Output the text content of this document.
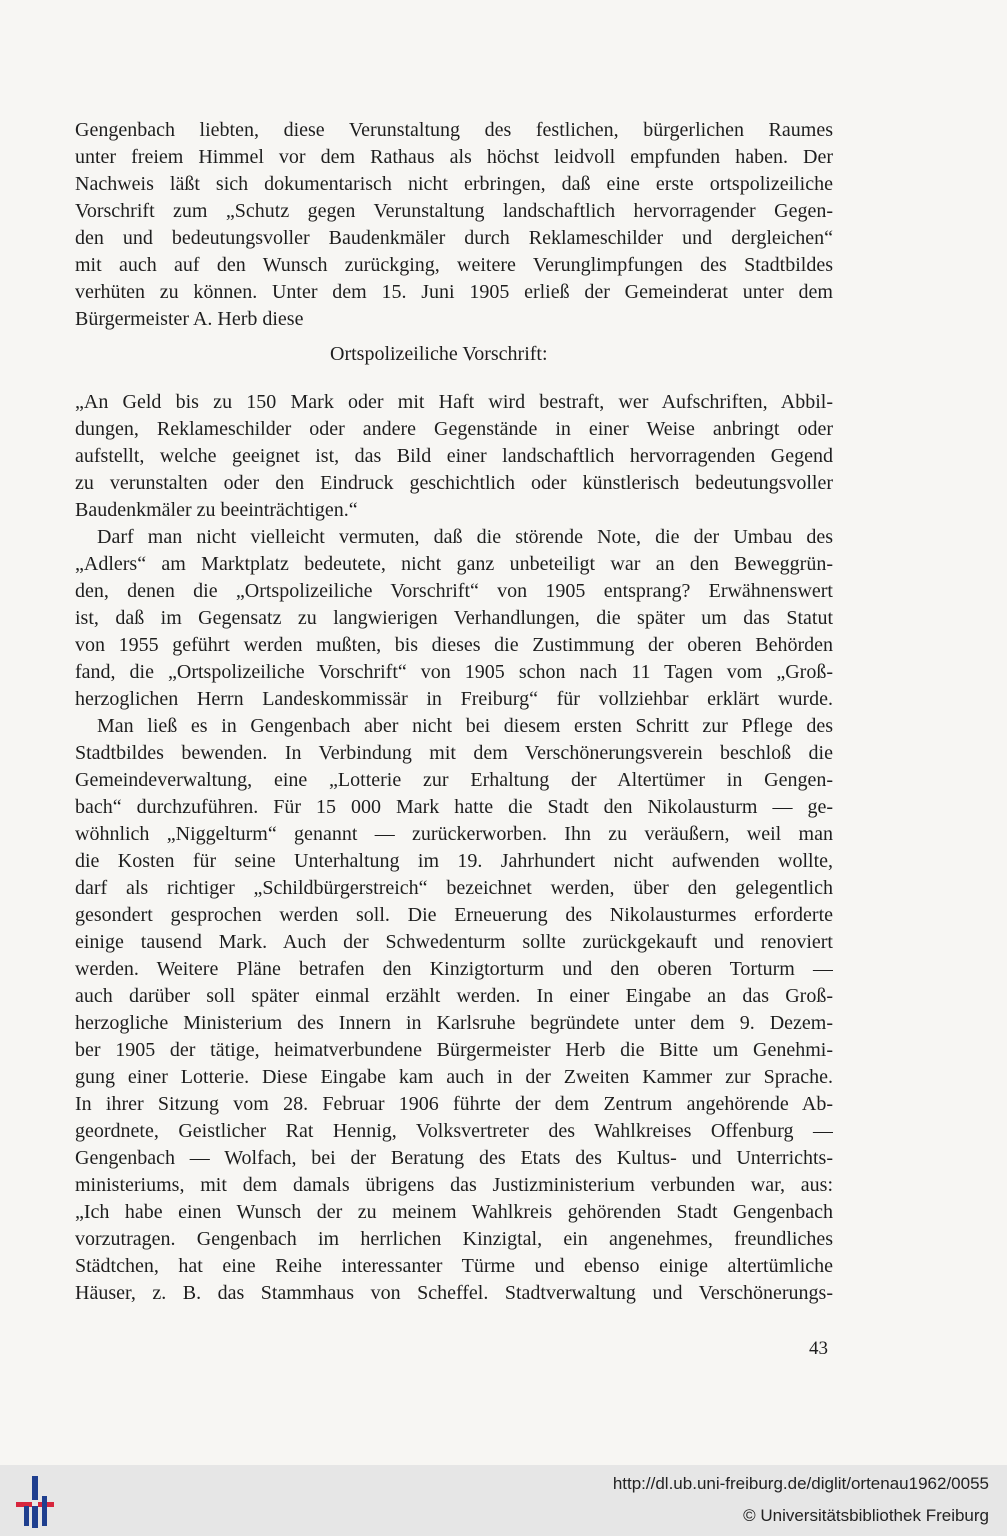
Gengenbach liebten, diese Verunstaltung des festlichen, bürgerlichen Raumes
unter freiem Himmel vor dem Rathaus als höchst leidvoll empfunden haben. Der
Nachweis läßt sich dokumentarisch nicht erbringen, daß eine erste ortspolizeiliche
Vorschrift zum „Schutz gegen Verunstaltung landschaftlich hervorragender Gegen-
den und bedeutungsvoller Baudenkmäler durch Reklameschilder und dergleichen“
mit auch auf den Wunsch zurückging, weitere Verunglimpfungen des Stadtbildes
verhüten zu können. Unter dem 15. Juni 1905 erließ der Gemeinderat unter dem
Bürgermeister A. Herb diese
Ortspolizeiliche Vorschrift:
„An Geld bis zu 150 Mark oder mit Haft wird bestraft, wer Aufschriften, Abbil-
dungen, Reklameschilder oder andere Gegenstände in einer Weise anbringt oder
aufstellt, welche geeignet ist, das Bild einer landschaftlich hervorragenden Gegend
zu verunstalten oder den Eindruck geschichtlich oder künstlerisch bedeutungsvoller
Baudenkmäler zu beeinträchtigen.“
Darf man nicht vielleicht vermuten, daß die störende Note, die der Umbau des
„Adlers“ am Marktplatz bedeutete, nicht ganz unbeteiligt war an den Beweggrün-
den, denen die „Ortspolizeiliche Vorschrift“ von 1905 entsprang? Erwähnenswert
ist, daß im Gegensatz zu langwierigen Verhandlungen, die später um das Statut
von 1955 geführt werden mußten, bis dieses die Zustimmung der oberen Behörden
fand, die „Ortspolizeiliche Vorschrift“ von 1905 schon nach 11 Tagen vom „Groß-
herzoglichen Herrn Landeskommissär in Freiburg“ für vollziehbar erklärt wurde.
Man ließ es in Gengenbach aber nicht bei diesem ersten Schritt zur Pflege des
Stadtbildes bewenden. In Verbindung mit dem Verschönerungsverein beschloß die
Gemeindeverwaltung, eine „Lotterie zur Erhaltung der Altertümer in Gengen-
bach“ durchzuführen. Für 15 000 Mark hatte die Stadt den Nikolausturm — ge-
wöhnlich „Niggelturm“ genannt — zurückerworben. Ihn zu veräußern, weil man
die Kosten für seine Unterhaltung im 19. Jahrhundert nicht aufwenden wollte,
darf als richtiger „Schildbürgerstreich“ bezeichnet werden, über den gelegentlich
gesondert gesprochen werden soll. Die Erneuerung des Nikolausturmes erforderte
einige tausend Mark. Auch der Schwedenturm sollte zurückgekauft und renoviert
werden. Weitere Pläne betrafen den Kinzigtorturm und den oberen Torturm —
auch darüber soll später einmal erzählt werden. In einer Eingabe an das Groß-
herzogliche Ministerium des Innern in Karlsruhe begründete unter dem 9. Dezem-
ber 1905 der tätige, heimatverbundene Bürgermeister Herb die Bitte um Genehmi-
gung einer Lotterie. Diese Eingabe kam auch in der Zweiten Kammer zur Sprache.
In ihrer Sitzung vom 28. Februar 1906 führte der dem Zentrum angehörende Ab-
geordnete, Geistlicher Rat Hennig, Volksvertreter des Wahlkreises Offenburg —
Gengenbach — Wolfach, bei der Beratung des Etats des Kultus- und Unterrichts-
ministeriums, mit dem damals übrigens das Justizministerium verbunden war, aus:
„Ich habe einen Wunsch der zu meinem Wahlkreis gehörenden Stadt Gengenbach
vorzutragen. Gengenbach im herrlichen Kinzigtal, ein angenehmes, freundliches
Städtchen, hat eine Reihe interessanter Türme und ebenso einige altertümliche
Häuser, z. B. das Stammhaus von Scheffel. Stadtverwaltung und Verschönerungs-
43
http://dl.ub.uni-freiburg.de/diglit/ortenau1962/0055
© Universitätsbibliothek Freiburg
